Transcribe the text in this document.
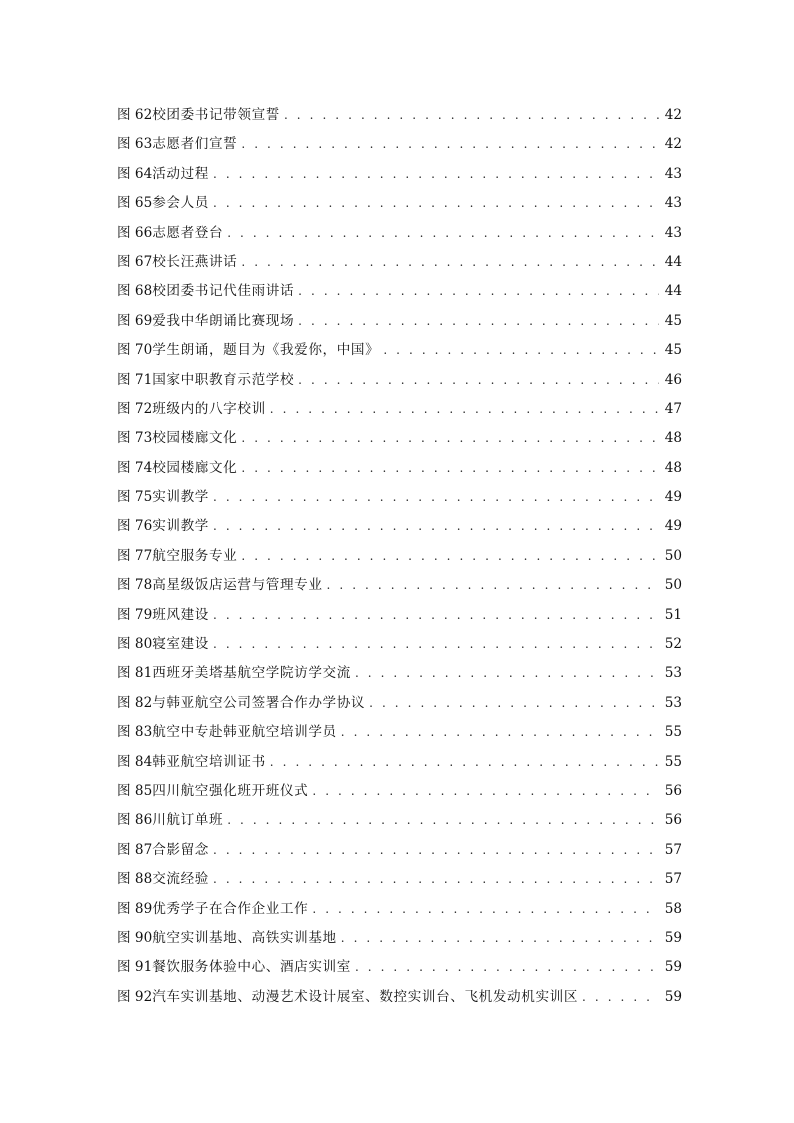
图 62 校团委书记带领宣誓 . . .	42
图 63 志愿者们宣誓 . . .	42
图 64 活动过程 . . .	43
图 65 参会人员 . . .	43
图 66 志愿者登台 . . .	43
图 67 校长汪燕讲话 . . .	44
图 68 校团委书记代佳雨讲话 . . .	44
图 69 爱我中华朗诵比赛现场 . . .	45
图 70 学生朗诵，题目为《我爱你，中国》 . . .	45
图 71 国家中职教育示范学校 . . .	46
图 72 班级内的八字校训 . . .	47
图 73 校园楼廊文化 . . .	48
图 74 校园楼廊文化 . . .	48
图 75 实训教学 . . .	49
图 76 实训教学 . . .	49
图 77 航空服务专业 . . .	50
图 78 高星级饭店运营与管理专业 . . .	50
图 79 班风建设 . . .	51
图 80 寝室建设 . . .	52
图 81 西班牙美塔基航空学院访学交流 . . .	53
图 82 与韩亚航空公司签署合作办学协议 . . .	53
图 83 航空中专赴韩亚航空培训学员 . . .	55
图 84 韩亚航空培训证书 . . .	55
图 85 四川航空强化班开班仪式 . . .	56
图 86 川航订单班 . . .	56
图 87 合影留念 . . .	57
图 88 交流经验 . . .	57
图 89 优秀学子在合作企业工作 . . .	58
图 90 航空实训基地、高铁实训基地 . . .	59
图 91 餐饮服务体验中心、酒店实训室 . . .	59
图 92 汽车实训基地、动漫艺术设计展室、数控实训台、飞机发动机实训区 . . .	59
